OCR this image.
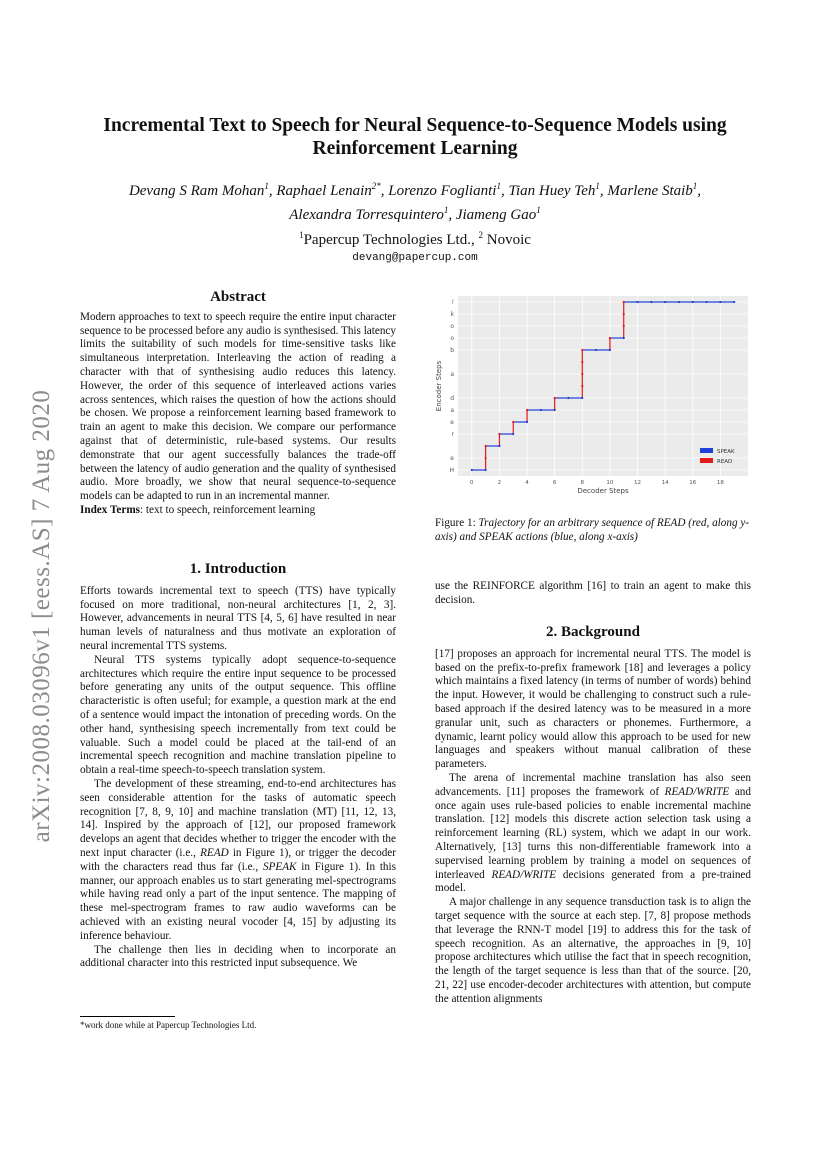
arXiv:2008.03096v1 [eess.AS] 7 Aug 2020
Incremental Text to Speech for Neural Sequence-to-Sequence Models using Reinforcement Learning
Devang S Ram Mohan$^1$, Raphael Lenain$^{2*}$, Lorenzo Foglianti$^1$, Tian Huey Teh$^1$, Marlene Staib$^1$,
Alexandra Torresquintero$^1$, Jiameng Gao$^1$
$^1$Papercup Technologies Ltd., $^2$ Novoic
devang@papercup.com
Abstract

Modern approaches to text to speech require the entire input character sequence to be processed before any audio is synthesised. This latency limits the suitability of such models for time-sensitive tasks like simultaneous interpretation. Interleaving the action of reading a character with that of synthesising audio reduces this latency. However, the order of this sequence of interleaved actions varies across sentences, which raises the question of how the actions should be chosen. We propose a reinforcement learning based framework to train an agent to make this decision. We compare our performance against that of deterministic, rule-based systems. Our results demonstrate that our agent successfully balances the trade-off between the latency of audio generation and the quality of synthesised audio. More broadly, we show that neural sequence-to-sequence models can be adapted to run in an incremental manner.

Index Terms: text to speech, reinforcement learning

1. Introduction

Efforts towards incremental text to speech (TTS) have typically focused on more traditional, non-neural architectures [1, 2, 3]. However, advancements in neural TTS [4, 5, 6] have resulted in near human levels of naturalness and thus motivate an exploration of neural incremental TTS systems.

Neural TTS systems typically adopt sequence-to-sequence architectures which require the entire input sequence to be processed before generating any units of the output sequence. This offline characteristic is often useful; for example, a question mark at the end of a sentence would impact the intonation of preceding words. On the other hand, synthesising speech incrementally from text could be valuable. Such a model could be placed at the tail-end of an incremental speech recognition and machine translation pipeline to obtain a real-time speech-to-speech translation system.

The development of these streaming, end-to-end architectures has seen considerable attention for the tasks of automatic speech recognition [7, 8, 9, 10] and machine translation (MT) [11, 12, 13, 14]. Inspired by the approach of [12], our proposed framework develops an agent that decides whether to trigger the encoder with the next input character (i.e., READ in Figure 1), or trigger the decoder with the characters read thus far (i.e., SPEAK in Figure 1). In this manner, our approach enables us to start generating mel-spectrograms while having read only a part of the input sentence. The mapping of these mel-spectrogram frames to raw audio waveforms can be achieved with an existing neural vocoder [4, 15] by adjusting its inference behaviour.

The challenge then lies in deciding when to incorporate an additional character into this restricted input subsequence. We

*work done while at Papercup Technologies Ltd.
0	2	4	6	8	10	12	14	16	18
H
e
r
e
a
d
a
b
o
o
k
!
Decoder Steps
Encoder Steps
SPEAK
READ
Figure 1: Trajectory for an arbitrary sequence of READ (red, along y-axis) and SPEAK actions (blue, along x-axis)
use the REINFORCE algorithm [16] to train an agent to make this decision.
2. Background

[17] proposes an approach for incremental neural TTS. The model is based on the prefix-to-prefix framework [18] and leverages a policy which maintains a fixed latency (in terms of number of words) behind the input. However, it would be challenging to construct such a rule-based approach if the desired latency was to be measured in a more granular unit, such as characters or phonemes. Furthermore, a dynamic, learnt policy would allow this approach to be used for new languages and speakers without manual calibration of these parameters.

The arena of incremental machine translation has also seen advancements. [11] proposes the framework of READ/WRITE and once again uses rule-based policies to enable incremental machine translation. [12] models this discrete action selection task using a reinforcement learning (RL) system, which we adapt in our work. Alternatively, [13] turns this non-differentiable framework into a supervised learning problem by training a model on sequences of interleaved READ/WRITE decisions generated from a pre-trained model.

A major challenge in any sequence transduction task is to align the target sequence with the source at each step. [7, 8] propose methods that leverage the RNN-T model [19] to address this for the task of speech recognition. As an alternative, the approaches in [9, 10] propose architectures which utilise the fact that in speech recognition, the length of the target sequence is less than that of the source. [20, 21, 22] use encoder-decoder architectures with attention, but compute the attention alignments
